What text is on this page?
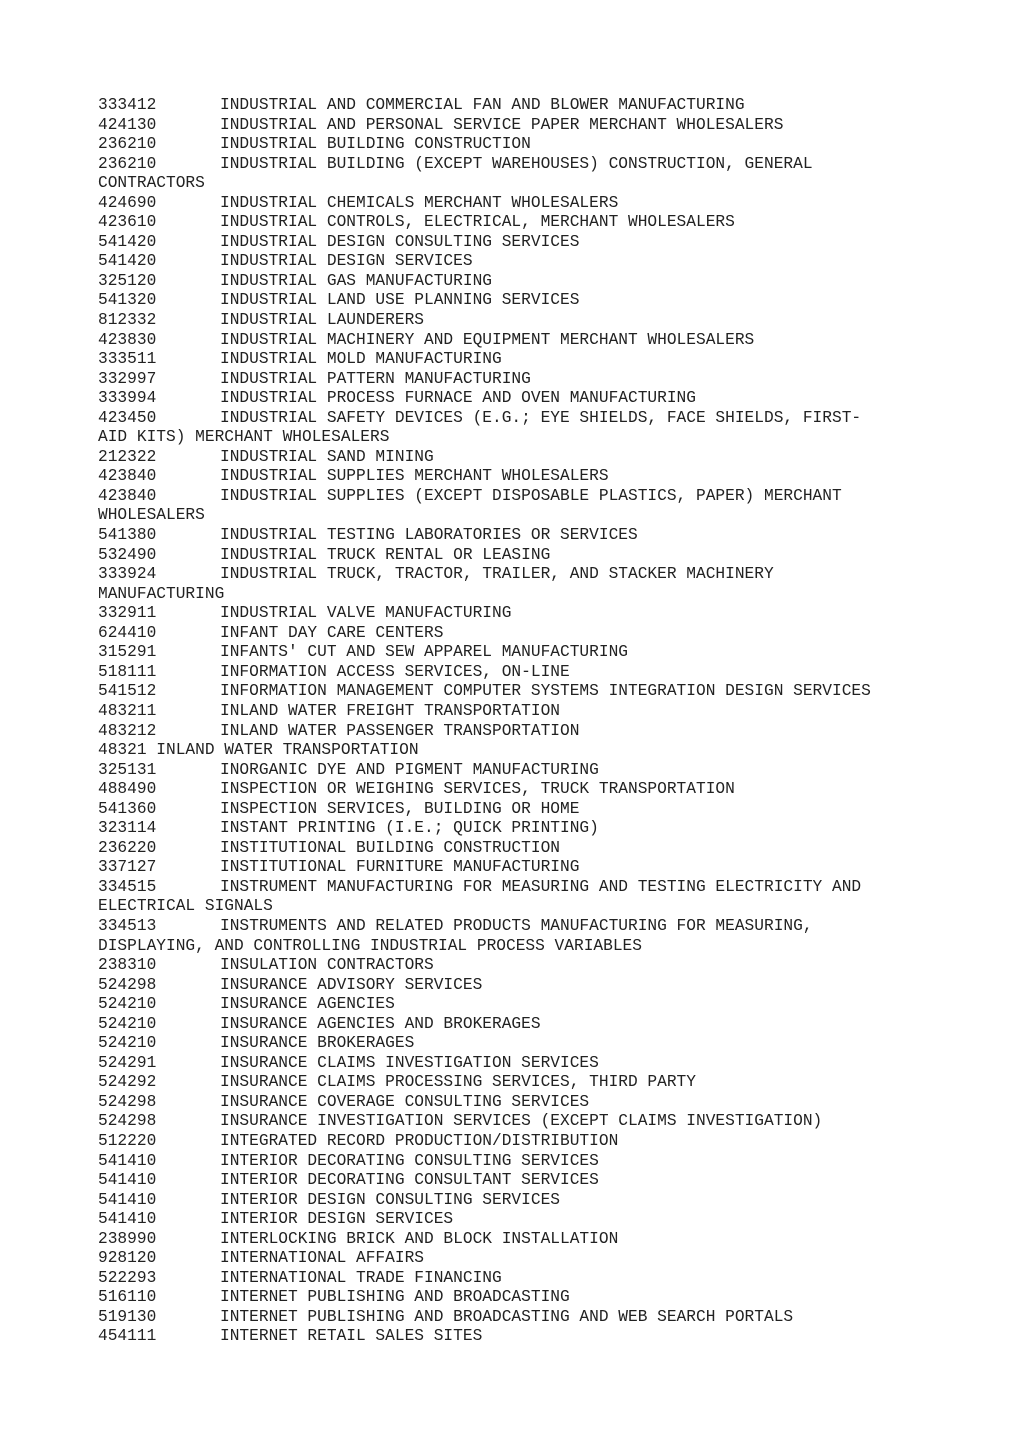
333412	INDUSTRIAL AND COMMERCIAL FAN AND BLOWER MANUFACTURING
424130	INDUSTRIAL AND PERSONAL SERVICE PAPER MERCHANT WHOLESALERS
236210	INDUSTRIAL BUILDING CONSTRUCTION
236210	INDUSTRIAL BUILDING (EXCEPT WAREHOUSES) CONSTRUCTION, GENERAL
CONTRACTORS
424690	INDUSTRIAL CHEMICALS MERCHANT WHOLESALERS
423610	INDUSTRIAL CONTROLS, ELECTRICAL, MERCHANT WHOLESALERS
541420	INDUSTRIAL DESIGN CONSULTING SERVICES
541420	INDUSTRIAL DESIGN SERVICES
325120	INDUSTRIAL GAS MANUFACTURING
541320	INDUSTRIAL LAND USE PLANNING SERVICES
812332	INDUSTRIAL LAUNDERERS
423830	INDUSTRIAL MACHINERY AND EQUIPMENT MERCHANT WHOLESALERS
333511	INDUSTRIAL MOLD MANUFACTURING
332997	INDUSTRIAL PATTERN MANUFACTURING
333994	INDUSTRIAL PROCESS FURNACE AND OVEN MANUFACTURING
423450	INDUSTRIAL SAFETY DEVICES (E.G.; EYE SHIELDS, FACE SHIELDS, FIRST-
AID KITS) MERCHANT WHOLESALERS
212322	INDUSTRIAL SAND MINING
423840	INDUSTRIAL SUPPLIES MERCHANT WHOLESALERS
423840	INDUSTRIAL SUPPLIES (EXCEPT DISPOSABLE PLASTICS, PAPER) MERCHANT
WHOLESALERS
541380	INDUSTRIAL TESTING LABORATORIES OR SERVICES
532490	INDUSTRIAL TRUCK RENTAL OR LEASING
333924	INDUSTRIAL TRUCK, TRACTOR, TRAILER, AND STACKER MACHINERY
MANUFACTURING
332911	INDUSTRIAL VALVE MANUFACTURING
624410	INFANT DAY CARE CENTERS
315291	INFANTS' CUT AND SEW APPAREL MANUFACTURING
518111	INFORMATION ACCESS SERVICES, ON-LINE
541512	INFORMATION MANAGEMENT COMPUTER SYSTEMS INTEGRATION DESIGN SERVICES
483211	INLAND WATER FREIGHT TRANSPORTATION
483212	INLAND WATER PASSENGER TRANSPORTATION
48321 INLAND WATER TRANSPORTATION
325131	INORGANIC DYE AND PIGMENT MANUFACTURING
488490	INSPECTION OR WEIGHING SERVICES, TRUCK TRANSPORTATION
541360	INSPECTION SERVICES, BUILDING OR HOME
323114	INSTANT PRINTING (I.E.; QUICK PRINTING)
236220	INSTITUTIONAL BUILDING CONSTRUCTION
337127	INSTITUTIONAL FURNITURE MANUFACTURING
334515	INSTRUMENT MANUFACTURING FOR MEASURING AND TESTING ELECTRICITY AND
ELECTRICAL SIGNALS
334513	INSTRUMENTS AND RELATED PRODUCTS MANUFACTURING FOR MEASURING,
DISPLAYING, AND CONTROLLING INDUSTRIAL PROCESS VARIABLES
238310	INSULATION CONTRACTORS
524298	INSURANCE ADVISORY SERVICES
524210	INSURANCE AGENCIES
524210	INSURANCE AGENCIES AND BROKERAGES
524210	INSURANCE BROKERAGES
524291	INSURANCE CLAIMS INVESTIGATION SERVICES
524292	INSURANCE CLAIMS PROCESSING SERVICES, THIRD PARTY
524298	INSURANCE COVERAGE CONSULTING SERVICES
524298	INSURANCE INVESTIGATION SERVICES (EXCEPT CLAIMS INVESTIGATION)
512220	INTEGRATED RECORD PRODUCTION/DISTRIBUTION
541410	INTERIOR DECORATING CONSULTING SERVICES
541410	INTERIOR DECORATING CONSULTANT SERVICES
541410	INTERIOR DESIGN CONSULTING SERVICES
541410	INTERIOR DESIGN SERVICES
238990	INTERLOCKING BRICK AND BLOCK INSTALLATION
928120	INTERNATIONAL AFFAIRS
522293	INTERNATIONAL TRADE FINANCING
516110	INTERNET PUBLISHING AND BROADCASTING
519130	INTERNET PUBLISHING AND BROADCASTING AND WEB SEARCH PORTALS
454111	INTERNET RETAIL SALES SITES
